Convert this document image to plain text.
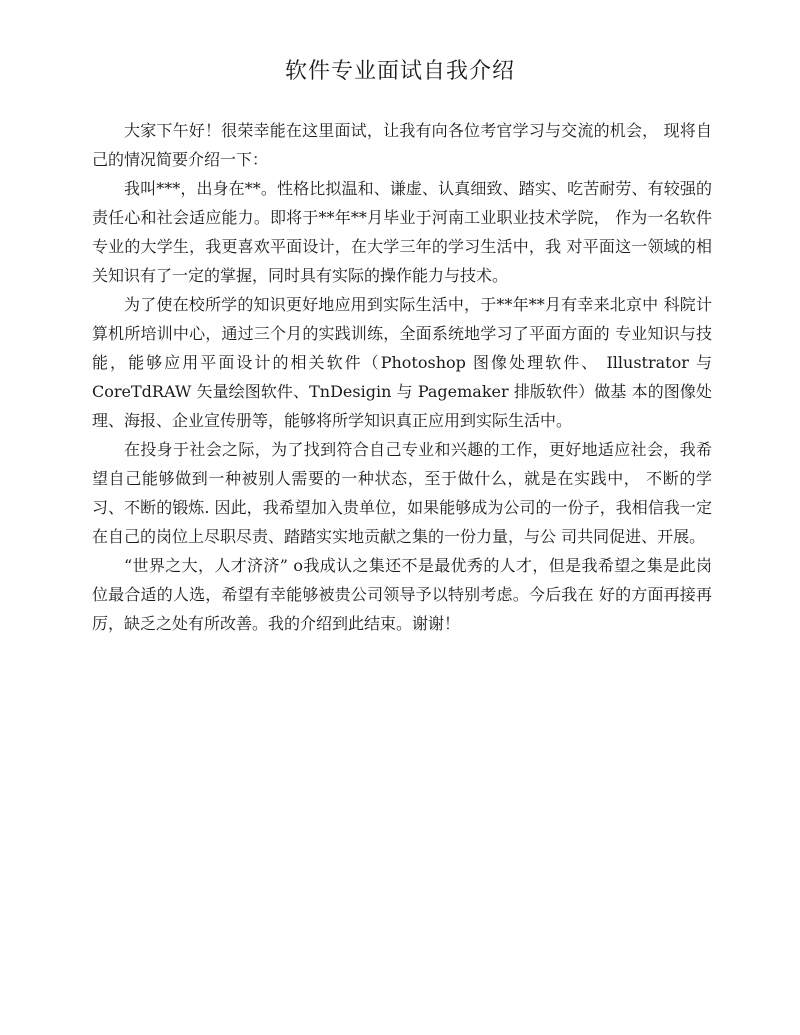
软件专业面试自我介绍

大家下午好！很荣幸能在这里面试，让我有向各位考官学习与交流的机会， 现将自己的情况简要介绍一下：

我叫***，出身在**。性格比拟温和、谦虚、认真细致、踏实、吃苦耐劳、有较强的责任心和社会适应能力。即将于**年**月毕业于河南工业职业技术学院， 作为一名软件专业的大学生，我更喜欢平面设计，在大学三年的学习生活中，我 对平面这一领域的相关知识有了一定的掌握，同时具有实际的操作能力与技术。

为了使在校所学的知识更好地应用到实际生活中，于**年**月有幸来北京中 科院计算机所培训中心，通过三个月的实践训练，全面系统地学习了平面方面的 专业知识与技能，能够应用平面设计的相关软件（Photoshop 图像处理软件、 Illustrator 与 CoreTdRAW 矢量绘图软件、TnDesigin 与 Pagemaker 排版软件）做基 本的图像处理、海报、企业宣传册等，能够将所学知识真正应用到实际生活中。

在投身于社会之际，为了找到符合自己专业和兴趣的工作，更好地适应社会，我希望自己能够做到一种被别人需要的一种状态，至于做什么，就是在实践中， 不断的学习、不断的锻炼. 因此，我希望加入贵单位，如果能够成为公司的一份子，我相信我一定在自己的岗位上尽职尽责、踏踏实实地贡献之集的一份力量，与公 司共同促进、开展。

“世界之大，人才济济” o我成认之集还不是最优秀的人才，但是我希望之集是此岗位最合适的人选，希望有幸能够被贵公司领导予以特别考虑。今后我在 好的方面再接再厉，缺乏之处有所改善。我的介绍到此结束。谢谢！
